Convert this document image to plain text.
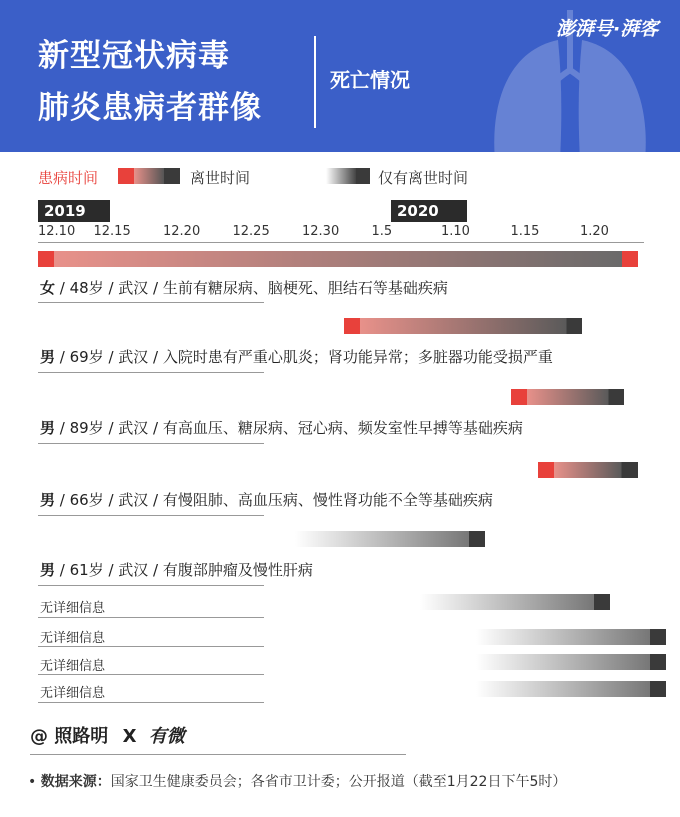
新型冠状病毒
肺炎患病者群像
死亡情况
澎湃号·湃客
患病时间	离世时间	仅有离世时间
2019	2020
12.10 12.15 12.20 12.25 12.30 1.5	1.10	1.15	1.20
女 / 48岁 / 武汉 / 生前有糖尿病、脑梗死、胆结石等基础疾病
男 / 69岁 / 武汉 / 入院时患有严重心肌炎；肾功能异常；多脏器功能受损严重
男 / 89岁 / 武汉 / 有高血压、糖尿病、冠心病、频发室性早搏等基础疾病
男 / 66岁 / 武汉 / 有慢阻肺、高血压病、慢性肾功能不全等基础疾病
男 / 61岁 / 武汉 / 有腹部肿瘤及慢性肝病
无详细信息
无详细信息
无详细信息
无详细信息
@ 照路明 X 有微
• 数据来源：国家卫生健康委员会；各省市卫计委；公开报道（截至1月22日下午5时）
